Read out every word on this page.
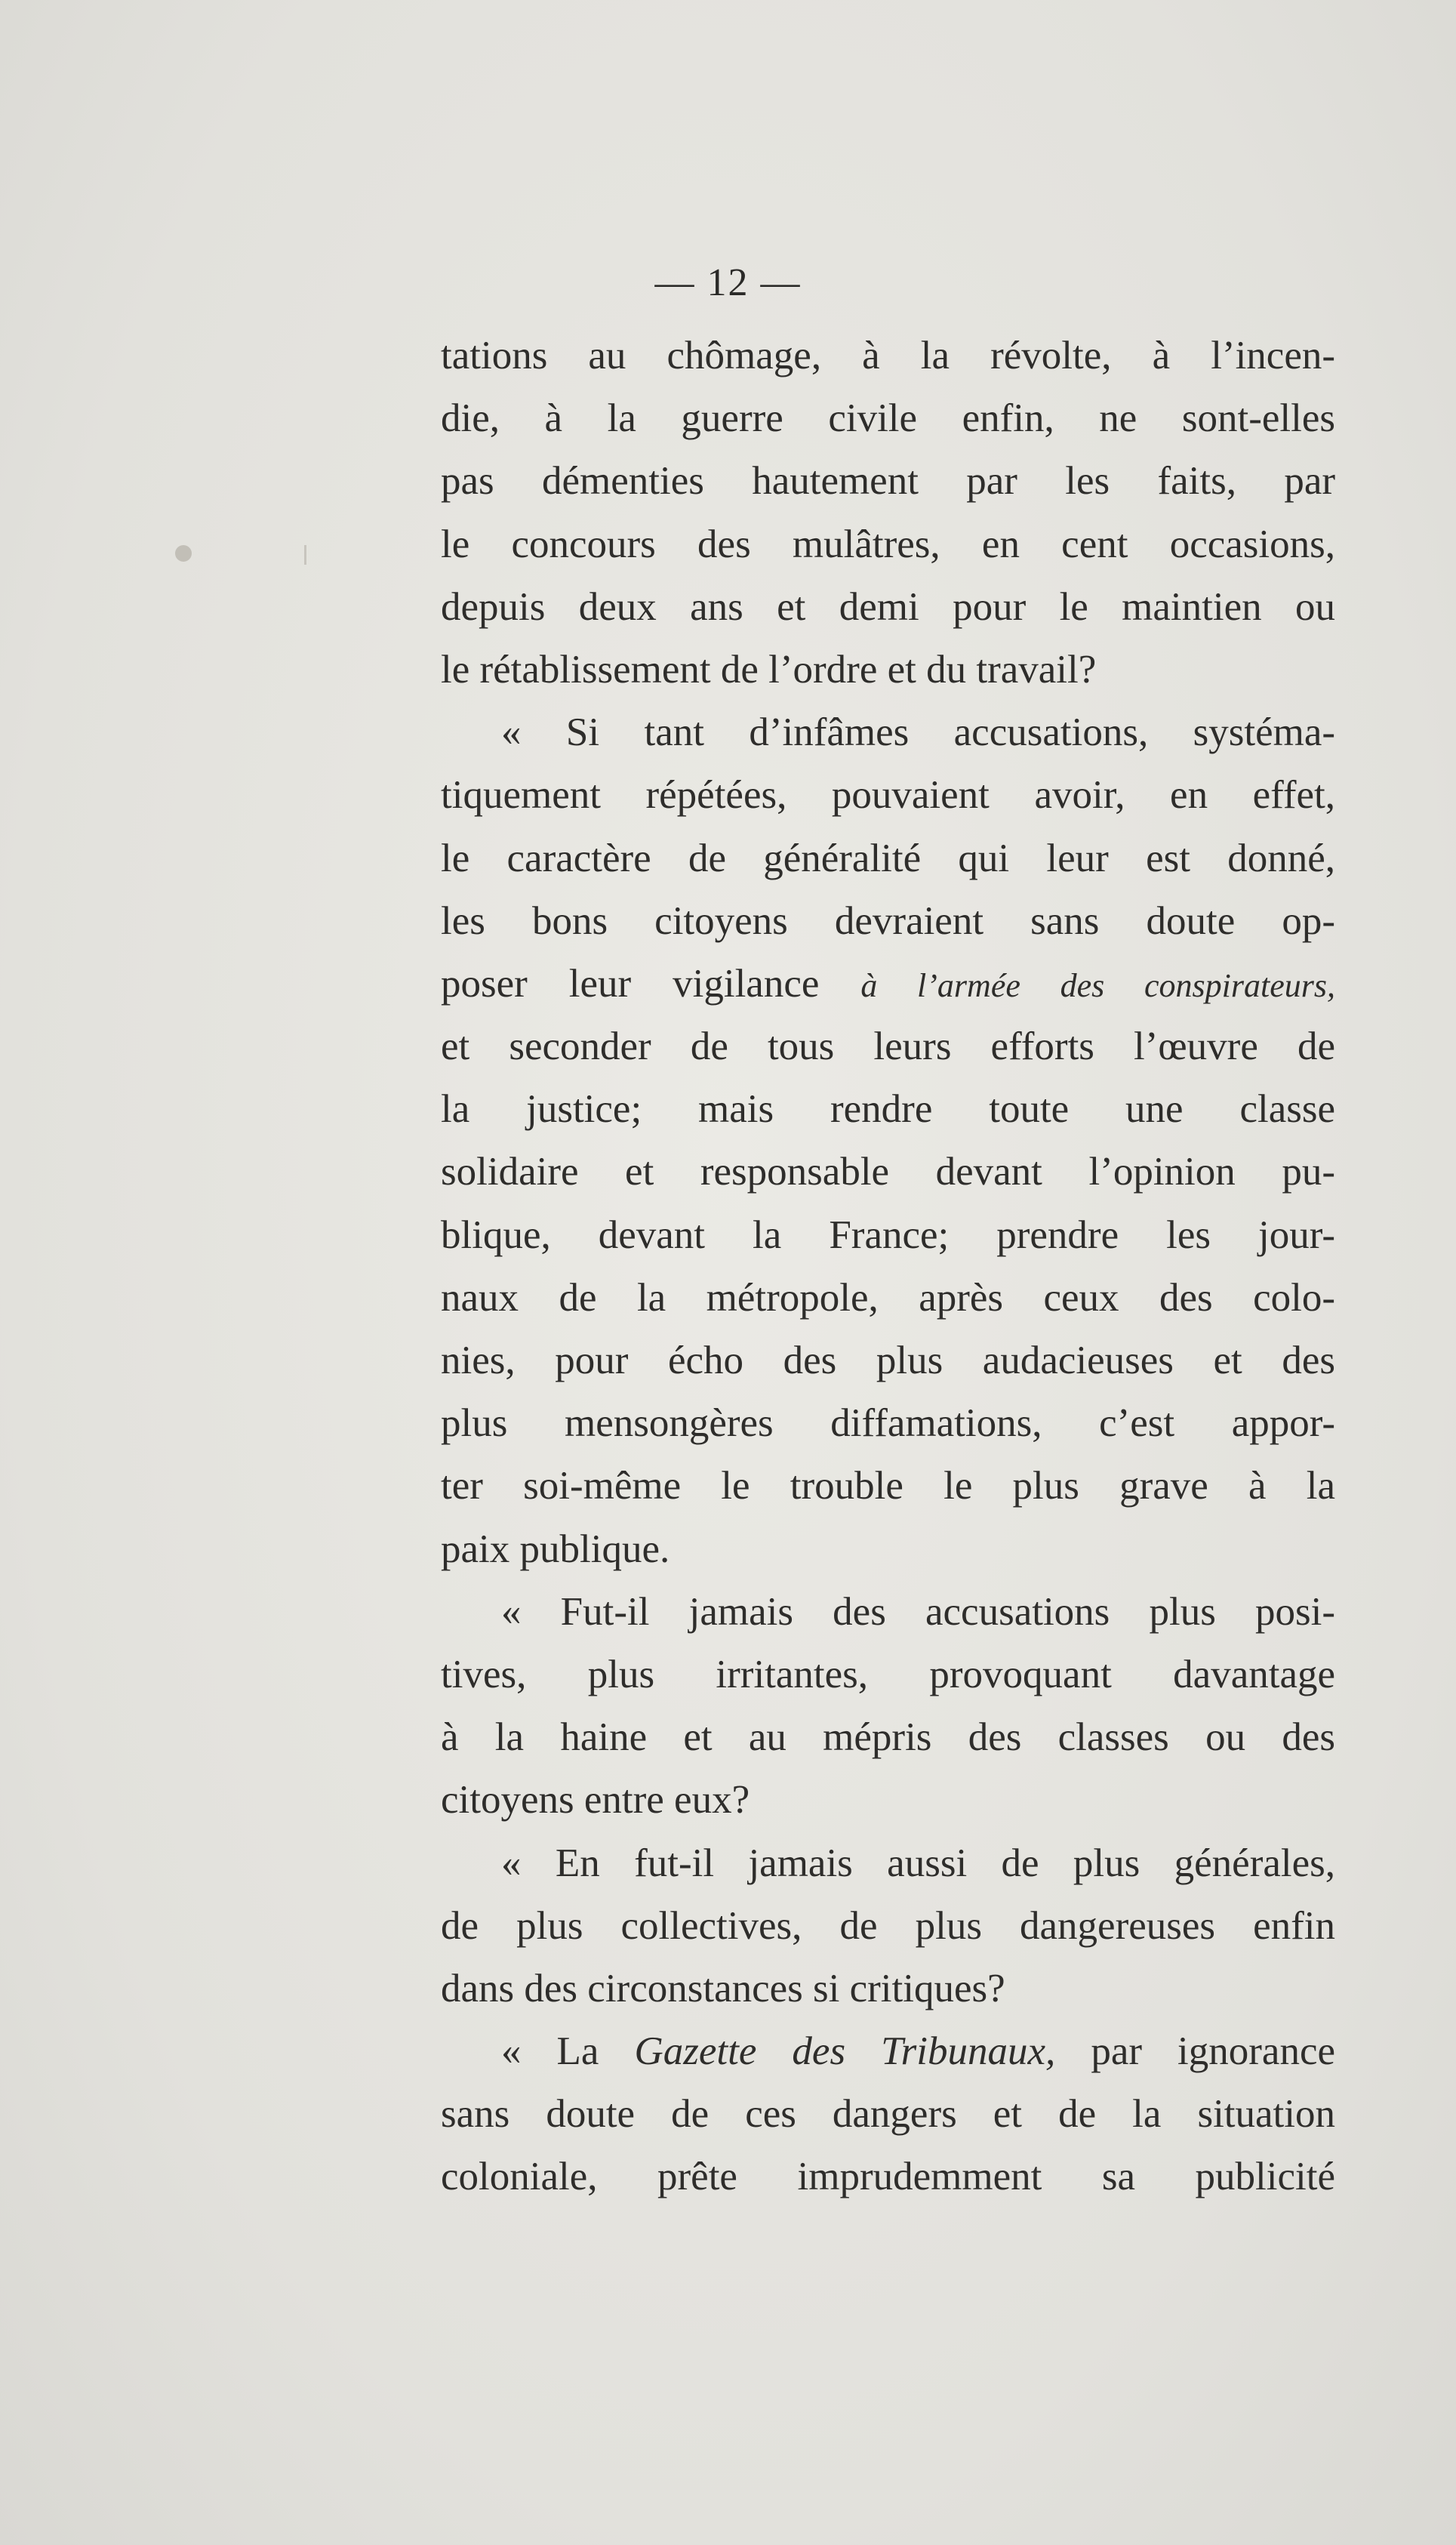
— 12 —
tations au chômage, à la révolte, à l’incen-
die, à la guerre civile enfin, ne sont-elles
pas démenties hautement par les faits, par
le concours des mulâtres, en cent occasions,
depuis deux ans et demi pour le maintien ou
le rétablissement de l’ordre et du travail?
« Si tant d’infâmes accusations, systéma-
tiquement répétées, pouvaient avoir, en effet,
le caractère de généralité qui leur est donné,
les bons citoyens devraient sans doute op-
poser leur vigilance à l’armée des conspirateurs,
et seconder de tous leurs efforts l’œuvre de
la justice; mais rendre toute une classe
solidaire et responsable devant l’opinion pu-
blique, devant la France; prendre les jour-
naux de la métropole, après ceux des colo-
nies, pour écho des plus audacieuses et des
plus mensongères diffamations, c’est appor-
ter soi-même le trouble le plus grave à la
paix publique.
« Fut-il jamais des accusations plus posi-
tives, plus irritantes, provoquant davantage
à la haine et au mépris des classes ou des
citoyens entre eux?
« En fut-il jamais aussi de plus générales,
de plus collectives, de plus dangereuses enfin
dans des circonstances si critiques?
« La Gazette des Tribunaux, par ignorance
sans doute de ces dangers et de la situation
coloniale, prête imprudemment sa publicité
